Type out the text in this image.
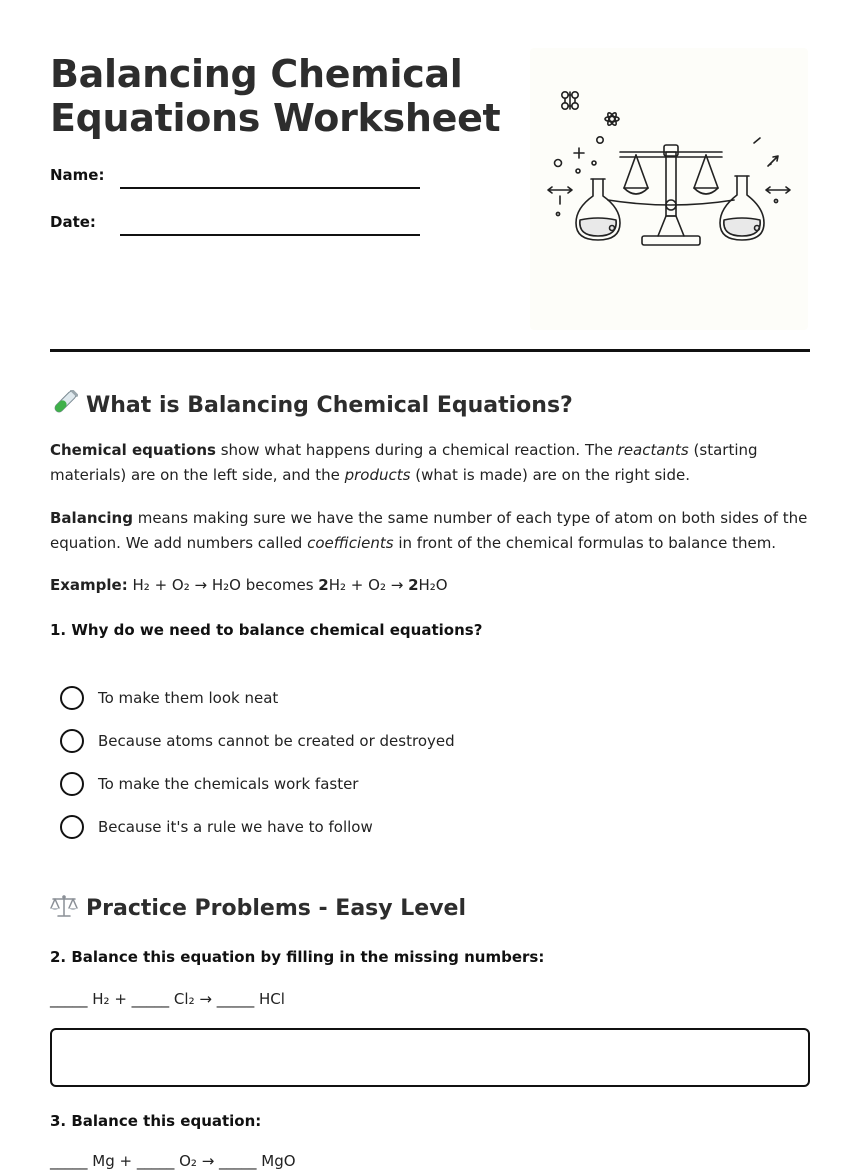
Balancing Chemical Equations Worksheet
Name:
Date:
What is Balancing Chemical Equations?

Chemical equations show what happens during a chemical reaction. The reactants (starting materials) are on the left side, and the products (what is made) are on the right side.

Balancing means making sure we have the same number of each type of atom on both sides of the equation. We add numbers called coefficients in front of the chemical formulas to balance them.

Example: H₂ + O₂ → H₂O becomes 2H₂ + O₂ → 2H₂O

1. Why do we need to balance chemical equations?

To make them look neat
Because atoms cannot be created or destroyed
To make the chemicals work faster
Because it's a rule we have to follow
Practice Problems - Easy Level

2. Balance this equation by filling in the missing numbers:

_____ H₂ + _____ Cl₂ → _____ HCl

3. Balance this equation:

_____ Mg + _____ O₂ → _____ MgO
